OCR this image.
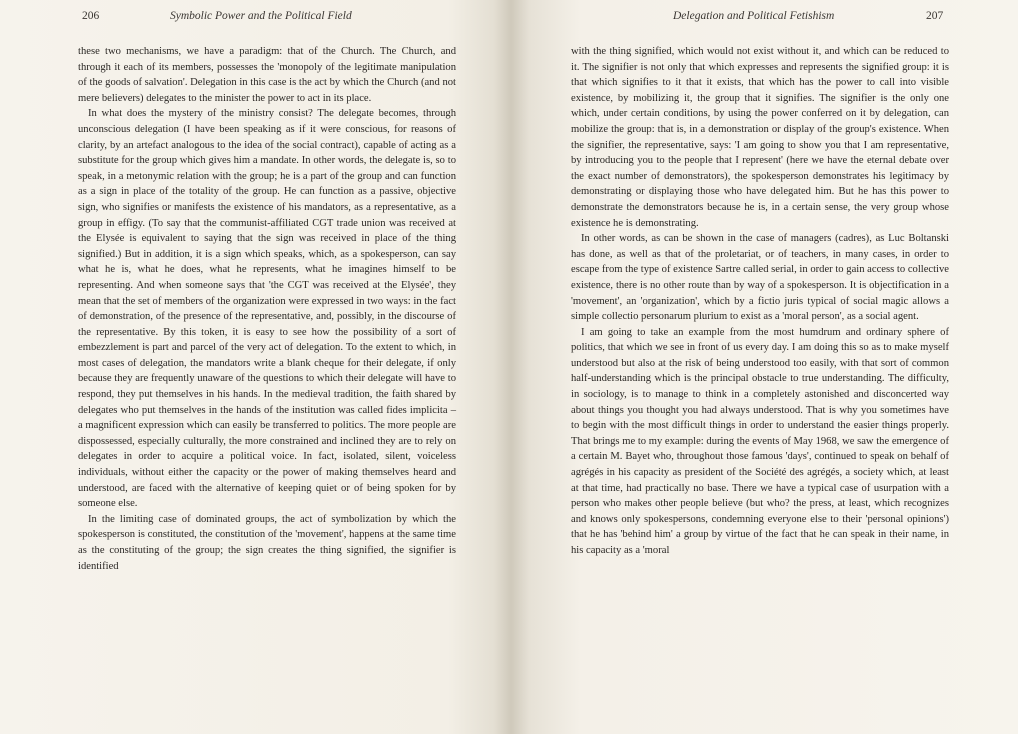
206	Symbolic Power and the Political Field

these two mechanisms, we have a paradigm: that of the Church. The Church, and through it each of its members, possesses the 'monopoly of the legitimate manipulation of the goods of salvation'. Delegation in this case is the act by which the Church (and not mere believers) delegates to the minister the power to act in its place.

In what does the mystery of the ministry consist? The delegate becomes, through unconscious delegation (I have been speaking as if it were conscious, for reasons of clarity, by an artefact analogous to the idea of the social contract), capable of acting as a substitute for the group which gives him a mandate. In other words, the delegate is, so to speak, in a metonymic relation with the group; he is a part of the group and can function as a sign in place of the totality of the group. He can function as a passive, objective sign, who signifies or manifests the existence of his mandators, as a representative, as a group in effigy. (To say that the communist-affiliated CGT trade union was received at the Elysée is equivalent to saying that the sign was received in place of the thing signified.) But in addition, it is a sign which speaks, which, as a spokesperson, can say what he is, what he does, what he represents, what he imagines himself to be representing. And when someone says that 'the CGT was received at the Elysée', they mean that the set of members of the organization were expressed in two ways: in the fact of demonstration, of the presence of the representative, and, possibly, in the discourse of the representative. By this token, it is easy to see how the possibility of a sort of embezzlement is part and parcel of the very act of delegation. To the extent to which, in most cases of delegation, the mandators write a blank cheque for their delegate, if only because they are frequently unaware of the questions to which their delegate will have to respond, they put themselves in his hands. In the medieval tradition, the faith shared by delegates who put themselves in the hands of the institution was called fides implicita – a magnificent expression which can easily be transferred to politics. The more people are dispossessed, especially culturally, the more constrained and inclined they are to rely on delegates in order to acquire a political voice. In fact, isolated, silent, voiceless individuals, without either the capacity or the power of making themselves heard and understood, are faced with the alternative of keeping quiet or of being spoken for by someone else.

In the limiting case of dominated groups, the act of symbolization by which the spokesperson is constituted, the constitution of the 'movement', happens at the same time as the constituting of the group; the sign creates the thing signified, the signifier is identified

Delegation and Political Fetishism	207

with the thing signified, which would not exist without it, and which can be reduced to it. The signifier is not only that which expresses and represents the signified group: it is that which signifies to it that it exists, that which has the power to call into visible existence, by mobilizing it, the group that it signifies. The signifier is the only one which, under certain conditions, by using the power conferred on it by delegation, can mobilize the group: that is, in a demonstration or display of the group's existence. When the signifier, the representative, says: 'I am going to show you that I am representative, by introducing you to the people that I represent' (here we have the eternal debate over the exact number of demonstrators), the spokesperson demonstrates his legitimacy by demonstrating or displaying those who have delegated him. But he has this power to demonstrate the demonstrators because he is, in a certain sense, the very group whose existence he is demonstrating.

In other words, as can be shown in the case of managers (cadres), as Luc Boltanski has done, as well as that of the proletariat, or of teachers, in many cases, in order to escape from the type of existence Sartre called serial, in order to gain access to collective existence, there is no other route than by way of a spokesperson. It is objectification in a 'movement', an 'organization', which by a fictio juris typical of social magic allows a simple collectio personarum plurium to exist as a 'moral person', as a social agent.

I am going to take an example from the most humdrum and ordinary sphere of politics, that which we see in front of us every day. I am doing this so as to make myself understood but also at the risk of being understood too easily, with that sort of common half-understanding which is the principal obstacle to true understanding. The difficulty, in sociology, is to manage to think in a completely astonished and disconcerted way about things you thought you had always understood. That is why you sometimes have to begin with the most difficult things in order to understand the easier things properly. That brings me to my example: during the events of May 1968, we saw the emergence of a certain M. Bayet who, throughout those famous 'days', continued to speak on behalf of agrégés in his capacity as president of the Société des agrégés, a society which, at least at that time, had practically no base. There we have a typical case of usurpation with a person who makes other people believe (but who? the press, at least, which recognizes and knows only spokespersons, condemning everyone else to their 'personal opinions') that he has 'behind him' a group by virtue of the fact that he can speak in their name, in his capacity as a 'moral
